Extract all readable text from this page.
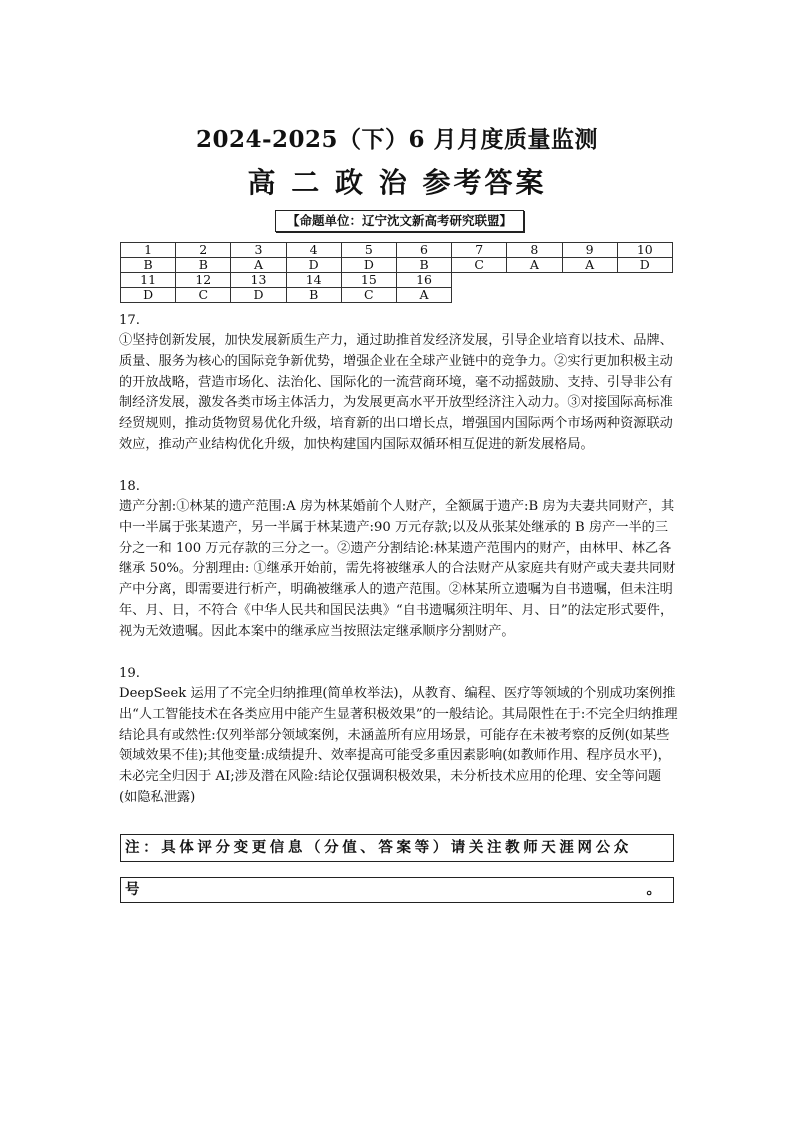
2024-2025（下）6 月月度质量监测
高 二 政 治 参考答案
【命题单位：辽宁沈文新高考研究联盟】
1	2	3	4	5	6	7	8	9	10
B	B	A	D	D	B	C	A	A	D
11	12	13	14	15	16				
D	C	D	B	C	A				
17.
①坚持创新发展，加快发展新质生产力，通过助推首发经济发展，引导企业培育以技术、品牌、质量、服务为核心的国际竞争新优势，增强企业在全球产业链中的竞争力。②实行更加积极主动的开放战略，营造市场化、法治化、国际化的一流营商环境，毫不动摇鼓励、支持、引导非公有制经济发展，激发各类市场主体活力，为发展更高水平开放型经济注入动力。③对接国际高标准经贸规则，推动货物贸易优化升级，培育新的出口增长点，增强国内国际两个市场两种资源联动效应，推动产业结构优化升级，加快构建国内国际双循环相互促进的新发展格局。
18.
遗产分割:①林某的遗产范围:A 房为林某婚前个人财产，全额属于遗产:B 房为夫妻共同财产，其中一半属于张某遗产，另一半属于林某遗产:90 万元存款;以及从张某处继承的 B 房产一半的三分之一和 100 万元存款的三分之一。②遗产分割结论:林某遗产范围内的财产，由林甲、林乙各继承 50%。分割理由: ①继承开始前，需先将被继承人的合法财产从家庭共有财产或夫妻共同财产中分离，即需要进行析产，明确被继承人的遗产范围。②林某所立遗嘱为自书遗嘱，但未注明年、月、日，不符合《中华人民共和国民法典》“自书遗嘱须注明年、月、日”的法定形式要件，视为无效遗嘱。因此本案中的继承应当按照法定继承顺序分割财产。
19.
DeepSeek 运用了不完全归纳推理(简单枚举法)，从教育、编程、医疗等领域的个别成功案例推出“人工智能技术在各类应用中能产生显著积极效果”的一般结论。其局限性在于:不完全归纳推理结论具有或然性:仅列举部分领域案例，未涵盖所有应用场景，可能存在未被考察的反例(如某些领域效果不佳);其他变量:成绩提升、效率提高可能受多重因素影响(如教师作用、程序员水平)，未必完全归因于 AI;涉及潜在风险:结论仅强调积极效果，未分析技术应用的伦理、安全等问题(如隐私泄露)
注：具体评分变更信息（分值、答案等）请关注教师天涯网公众
号	。
